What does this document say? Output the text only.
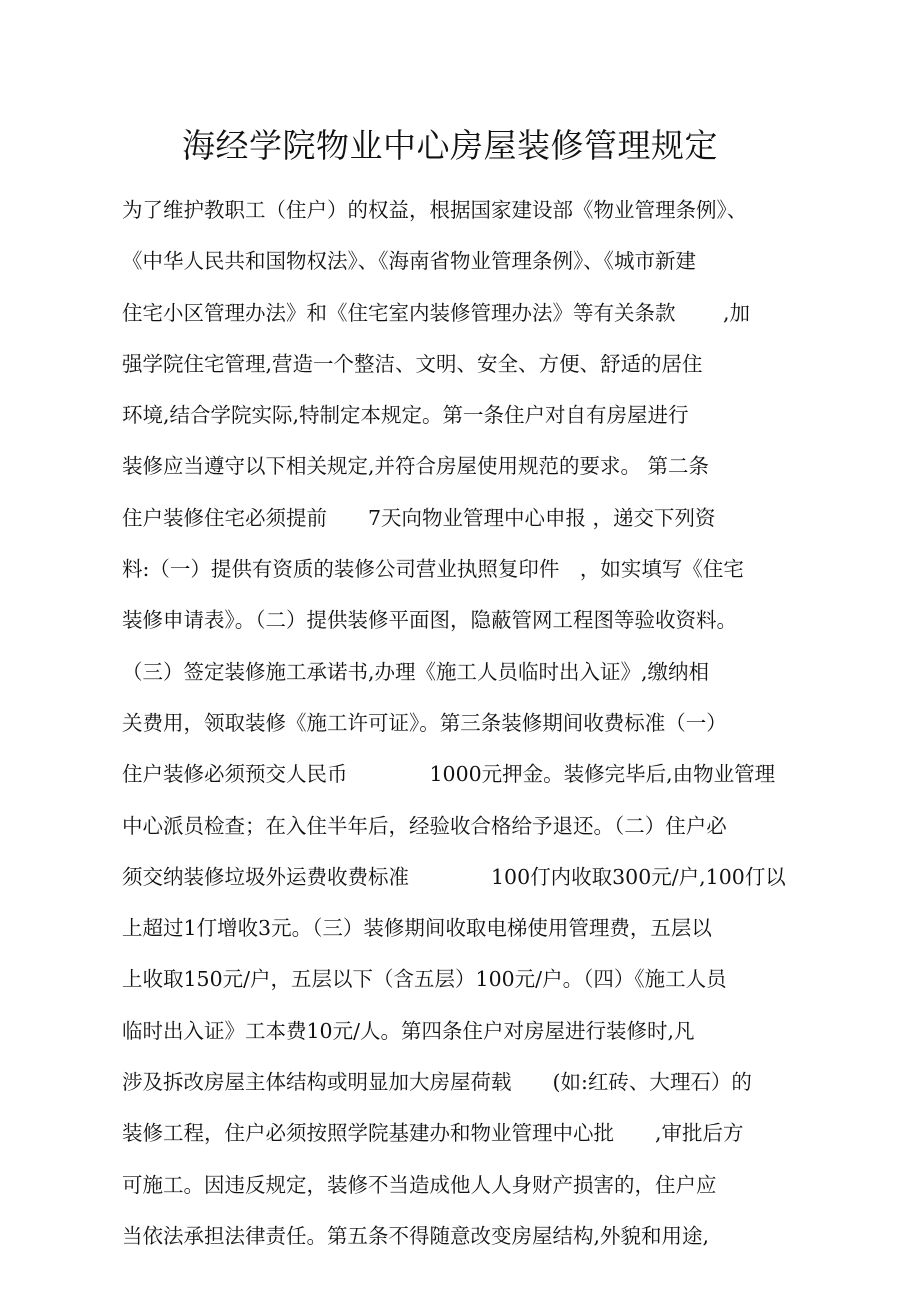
海经学院物业中心房屋装修管理规定
为了维护教职工（住户）的权益，根据国家建设部《物业管理条例》、
《中华人民共和国物权法》、《海南省物业管理条例》、《城市新建
住宅小区管理办法》和《住宅室内装修管理办法》等有关条款　　 ,加
强学院住宅管理,营造一个整洁、文明、安全、方便、舒适的居住
环境,结合学院实际,特制定本规定。第一条住户对自有房屋进行
装修应当遵守以下相关规定,并符合房屋使用规范的要求。 第二条
住户装修住宅必须提前　　7天向物业管理中心申报 ，递交下列资
料:（一）提供有资质的装修公司营业执照复印件　，如实填写《住宅
装修申请表》。（二）提供装修平面图，隐蔽管网工程图等验收资料。
（三）签定装修施工承诺书,办理《施工人员临时出入证》,缴纳相
关费用，领取装修《施工许可证》。第三条装修期间收费标准（一）
住户装修必须预交人民币　　　　1000元押金。装修完毕后,由物业管理
中心派员检查；在入住半年后，经验收合格给予退还。（二）住户必
须交纳装修垃圾外运费收费标准　　　　100仃内收取300元/户,100仃以
上超过1仃增收3元。（三）装修期间收取电梯使用管理费，五层以
上收取150元/户，五层以下（含五层）100元/户。（四）《施工人员
临时出入证》工本费10元/人。第四条住户对房屋进行装修时,凡
涉及拆改房屋主体结构或明显加大房屋荷载　　(如:红砖、大理石）的
装修工程，住户必须按照学院基建办和物业管理中心批　　,审批后方
可施工。因违反规定，装修不当造成他人人身财产损害的，住户应
当依法承担法律责任。第五条不得随意改变房屋结构,外貌和用途,
